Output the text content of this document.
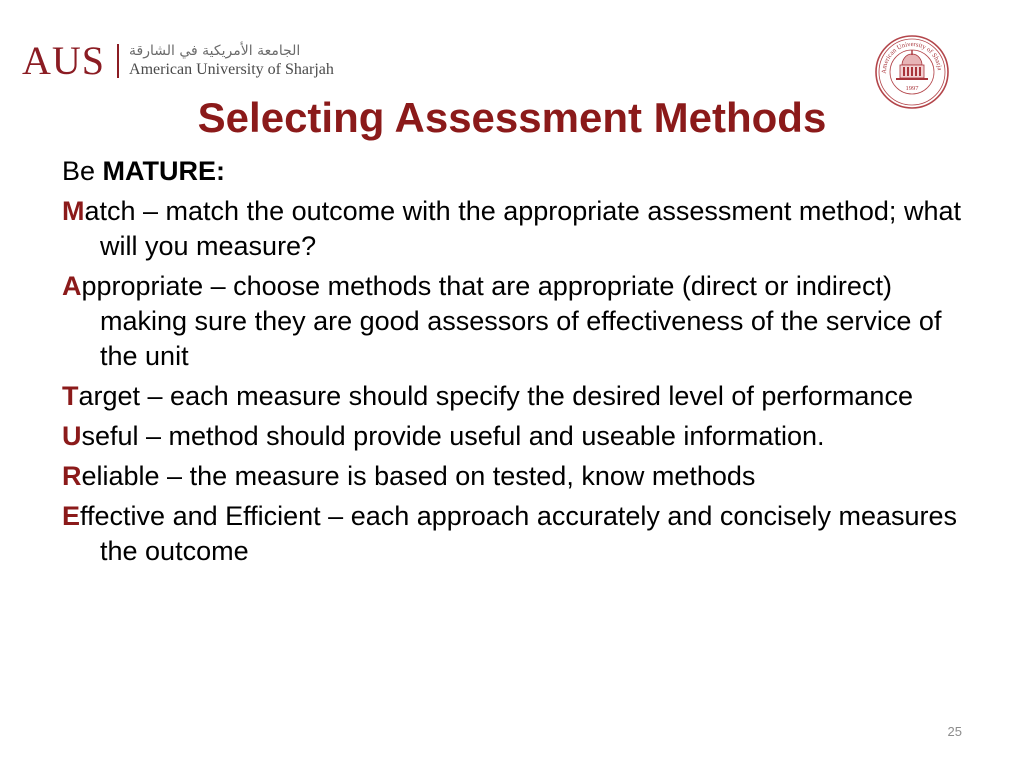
AUS الجامعة الأمريكية في الشارقة
American University of Sharjah	American University of Sharja
1997
Selecting Assessment Methods

Be MATURE:

Match – match the outcome with the appropriate assessment method; what will you measure?

Appropriate – choose methods that are appropriate (direct or indirect) making sure they are good assessors of effectiveness of the service of the unit

Target – each measure should specify the desired level of performance

Useful – method should provide useful and useable information.

Reliable – the measure is based on tested, know methods

Effective and Efficient – each approach accurately and concisely measures the outcome

25
